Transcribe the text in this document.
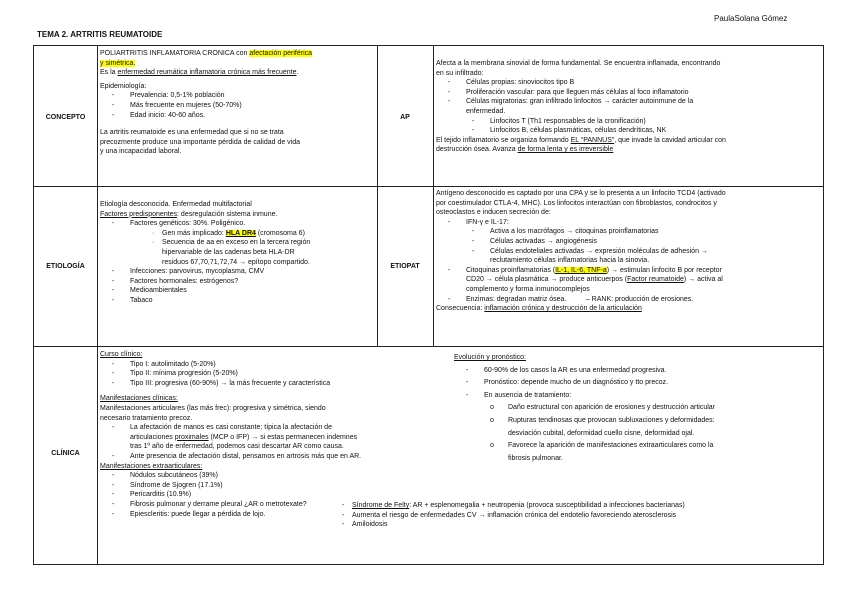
PaulaSolana Gómez
TEMA 2. ARTRITIS REUMATOIDE
CONCEPTO	AP
ETIOLOGÍA	ETIOPAT
CLÍNICA
POLIARTRITIS INFLAMATORIA CRÓNICA con afectación periférica
y simétrica.
Es la enfermedad reumática inflamatoria crónica más frecuente.
Epidemiología:
- Prevalencia: 0,5-1% población
- Más frecuente en mujeres (50-70%)
- Edad inicio: 40-60 años.
La artritis reumatoide es una enfermedad que si no se trata
precozmente produce una importante pérdida de calidad de vida
y una incapacidad laboral.
Afecta a la membrana sinovial de forma fundamental. Se encuentra inflamada, encontrando
en su infiltrado:
- Células propias: sinoviocitos tipo B
- Proliferación vascular: para que lleguen más células al foco inflamatorio
- Células migratorias: gran infiltrado linfocitos → carácter autoinmune de la
enfermedad.
- Linfocitos T (Th1 responsables de la cronificación)
- Linfocitos B, células plasmáticas, células dendríticas, NK
El tejido inflamatorio se organiza formando EL “PANNUS”, que invade la cavidad articular con
destrucción ósea. Avanza de forma lenta y es irreversible
Etiología desconocida. Enfermedad multifactorial
Factores predisponentes: desregulación sistema inmune.
- Factores genéticos: 30%. Poligénico.
· Gen más implicado: HLA DR4 (cromosoma 6)
· Secuencia de aa en exceso en la tercera región
hipervariable de las cadenas beta HLA-DR
residuos 67,70,71,72,74 → epítopo compartido.
- Infecciones: parvovirus, mycoplasma, CMV
- Factores hormonales: estrógenos?
- Medioambientales
- Tabaco
Antígeno desconocido es captado por una CPA y se lo presenta a un linfocito TCD4 (activado
por coestimulador CTLA-4, MHC). Los linfocitos interactúan con fibroblastos, condrocitos y
osteoclastos e inducen secreción de:
- IFN-γ e IL-17:
- Activa a los macrófagos → citoquinas proinflamatorias
- Células activadas → angiogénesis
- Células endoteliales activadas → expresión moléculas de adhesión →
reclutamiento células inflamatorias hacia la sinovia.
- Citoquinas proinflamatorias (IL-1, IL-6, TNF-a) → estimulan linfocito B por receptor
CD20 → célula plasmática → produce anticuerpos (Factor reumatoide) → activa al
complemento y forma inmunocomplejos
- Enzimas: degradan matriz ósea.          – RANK: producción de erosiones.
Consecuencia: inflamación crónica y destrucción de la articulación
Curso clínico:
- Tipo I: autolimitado (5-20%)
- Tipo II: mínima progresión (5-20%)
- Tipo III: progresiva (60-90%) → la más frecuente y característica
Manifestaciones clínicas:
Manifestaciones articulares (las más frec): progresiva y simétrica, siendo
necesario tratamiento precoz.
- La afectación de manos es casi constante: típica la afectación de
articulaciones proximales (MCP o IFP) → si estas permanecen indemnes
tras 1º año de enfermedad, podemos casi descartar AR como causa.
- Ante presencia de afectación distal, pensamos en artrosis más que en AR.
Manifestaciones extraarticulares:
- Nódulos subcutáneos (39%)
- Síndrome de Sjogren (17.1%)
- Pericarditis (10.9%)
- Fibrosis pulmonar y derrame pleural ¿AR o metrotexate?
- Epiescleritis: puede llegar a pérdida de lojo.
- Síndrome de Felty: AR + esplenomegalia + neutropenia (provoca susceptibilidad a infecciones bacterianas)
- Aumenta el riesgo de enfermedades CV → inflamación crónica del endotelio favoreciendo aterosclerosis
- Amiloidosis
Evolución y pronóstico:
- 60-90% de los casos la AR es una enfermedad progresiva.
- Pronóstico: depende mucho de un diagnóstico y tto precoz.
- En ausencia de tratamiento:
o Daño estructural con aparición de erosiones y destrucción articular
o Rupturas tendinosas que provocan subluxaciones y deformidades:
desviación cubital, deformidad cuello cisne, deformidad ojal.
o Favorece la aparición de manifestaciones extraarticulares como la
fibrosis pulmonar.
